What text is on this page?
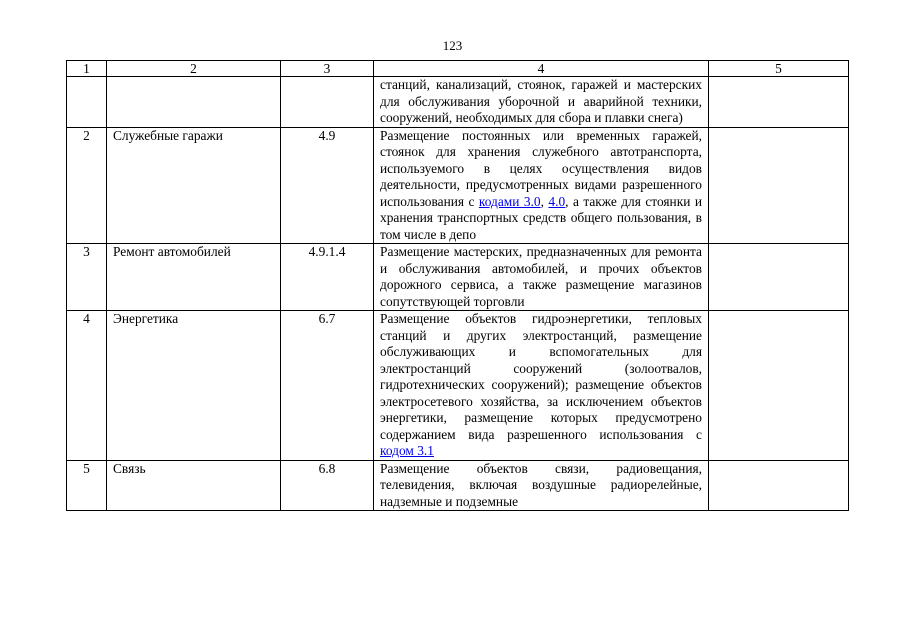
123
1	2	3	4	5
			станций, канализаций, стоянок, гаражей и мастерских для обслуживания уборочной и аварийной техники, сооружений, необходимых для сбора и плавки снега)	
2	Служебные гаражи	4.9	Размещение постоянных или временных гаражей, стоянок для хранения служебного автотранспорта, используемого в целях осуществления видов деятельности, предусмотренных видами разрешенного использования с кодами 3.0, 4.0, а также для стоянки и хранения транспортных средств общего пользования, в том числе в депо	
3	Ремонт автомобилей	4.9.1.4	Размещение мастерских, предназначенных для ремонта и обслуживания автомобилей, и прочих объектов дорожного сервиса, а также размещение магазинов сопутствующей торговли	
4	Энергетика	6.7	Размещение объектов гидроэнергетики, тепловых станций и других электростанций, размещение обслуживающих и вспомогательных для электростанций сооружений (золоотвалов, гидротехнических сооружений); размещение объектов электросетевого хозяйства, за исключением объектов энергетики, размещение которых предусмотрено содержанием вида разрешенного использования с кодом 3.1	
5	Связь	6.8	Размещение объектов связи, радиовещания, телевидения, включая воздушные радиорелейные, надземные и подземные	
